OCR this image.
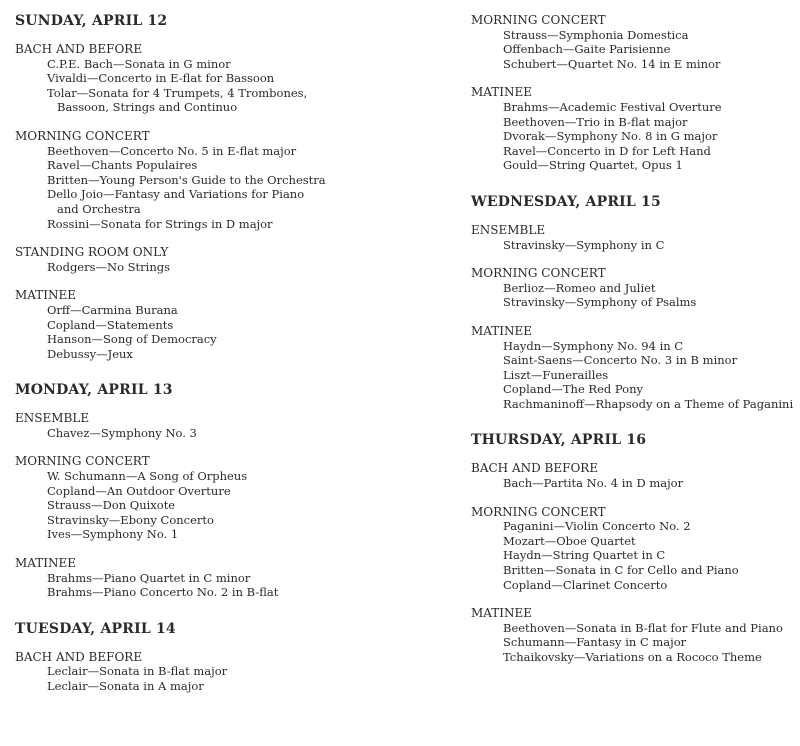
SUNDAY, APRIL 12
BACH AND BEFORE
C.P.E. Bach—Sonata in G minor
Vivaldi—Concerto in E-flat for Bassoon
Tolar—Sonata for 4 Trumpets, 4 Trombones,
Bassoon, Strings and Continuo
MORNING CONCERT
Beethoven—Concerto No. 5 in E-flat major
Ravel—Chants Populaires
Britten—Young Person's Guide to the Orchestra
Dello Joio—Fantasy and Variations for Piano
and Orchestra
Rossini—Sonata for Strings in D major
STANDING ROOM ONLY
Rodgers—No Strings
MATINEE
Orff—Carmina Burana
Copland—Statements
Hanson—Song of Democracy
Debussy—Jeux
MONDAY, APRIL 13
ENSEMBLE
Chavez—Symphony No. 3
MORNING CONCERT
W. Schumann—A Song of Orpheus
Copland—An Outdoor Overture
Strauss—Don Quixote
Stravinsky—Ebony Concerto
Ives—Symphony No. 1
MATINEE
Brahms—Piano Quartet in C minor
Brahms—Piano Concerto No. 2 in B-flat
TUESDAY, APRIL 14
BACH AND BEFORE
Leclair—Sonata in B-flat major
Leclair—Sonata in A major
MORNING CONCERT
Strauss—Symphonia Domestica
Offenbach—Gaite Parisienne
Schubert—Quartet No. 14 in E minor
MATINEE
Brahms—Academic Festival Overture
Beethoven—Trio in B-flat major
Dvorak—Symphony No. 8 in G major
Ravel—Concerto in D for Left Hand
Gould—String Quartet, Opus 1
WEDNESDAY, APRIL 15
ENSEMBLE
Stravinsky—Symphony in C
MORNING CONCERT
Berlioz—Romeo and Juliet
Stravinsky—Symphony of Psalms
MATINEE
Haydn—Symphony No. 94 in C
Saint-Saens—Concerto No. 3 in B minor
Liszt—Funerailles
Copland—The Red Pony
Rachmaninoff—Rhapsody on a Theme of Paganini
THURSDAY, APRIL 16
BACH AND BEFORE
Bach—Partita No. 4 in D major
MORNING CONCERT
Paganini—Violin Concerto No. 2
Mozart—Oboe Quartet
Haydn—String Quartet in C
Britten—Sonata in C for Cello and Piano
Copland—Clarinet Concerto
MATINEE
Beethoven—Sonata in B-flat for Flute and Piano
Schumann—Fantasy in C major
Tchaikovsky—Variations on a Rococo Theme
